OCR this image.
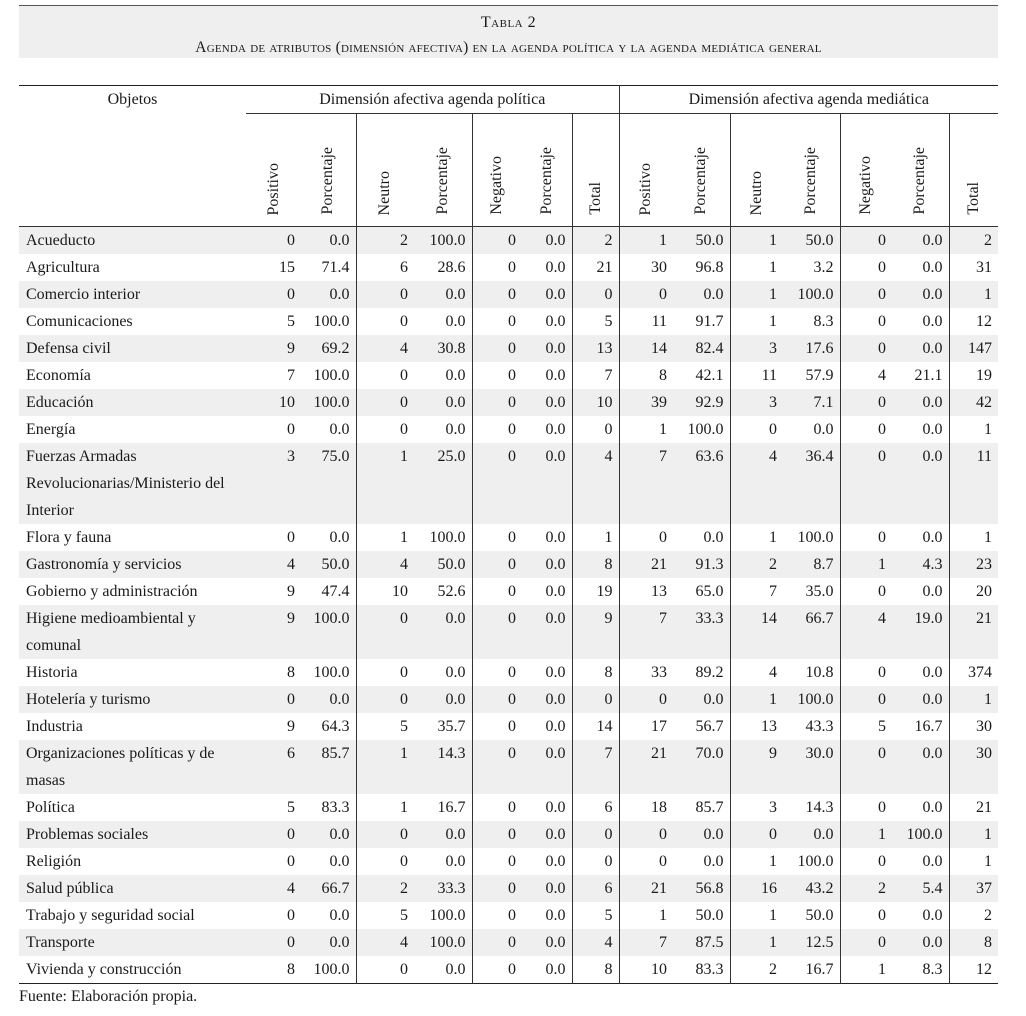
Tabla 2
Agenda de atributos (dimensión afectiva) en la agenda política y la agenda mediática general
Objetos	Dimensión afectiva agenda política							Dimensión afectiva agenda mediática						
	Positivo	Porcentaje	Neutro	Porcentaje	Negativo	Porcentaje	Total	Positivo	Porcentaje	Neutro	Porcentaje	Negativo	Porcentaje	Total
Acueducto	0	0.0	2	100.0	0	0.0	2	1	50.0	1	50.0	0	0.0	2
Agricultura	15	71.4	6	28.6	0	0.0	21	30	96.8	1	3.2	0	0.0	31
Comercio interior	0	0.0	0	0.0	0	0.0	0	0	0.0	1	100.0	0	0.0	1
Comunicaciones	5	100.0	0	0.0	0	0.0	5	11	91.7	1	8.3	0	0.0	12
Defensa civil	9	69.2	4	30.8	0	0.0	13	14	82.4	3	17.6	0	0.0	147
Economía	7	100.0	0	0.0	0	0.0	7	8	42.1	11	57.9	4	21.1	19
Educación	10	100.0	0	0.0	0	0.0	10	39	92.9	3	7.1	0	0.0	42
Energía	0	0.0	0	0.0	0	0.0	0	1	100.0	0	0.0	0	0.0	1
Fuerzas Armadas Revolucionarias/Ministerio del Interior	3	75.0	1	25.0	0	0.0	4	7	63.6	4	36.4	0	0.0	11
Flora y fauna	0	0.0	1	100.0	0	0.0	1	0	0.0	1	100.0	0	0.0	1
Gastronomía y servicios	4	50.0	4	50.0	0	0.0	8	21	91.3	2	8.7	1	4.3	23
Gobierno y administración	9	47.4	10	52.6	0	0.0	19	13	65.0	7	35.0	0	0.0	20
Higiene medioambiental y comunal	9	100.0	0	0.0	0	0.0	9	7	33.3	14	66.7	4	19.0	21
Historia	8	100.0	0	0.0	0	0.0	8	33	89.2	4	10.8	0	0.0	374
Hotelería y turismo	0	0.0	0	0.0	0	0.0	0	0	0.0	1	100.0	0	0.0	1
Industria	9	64.3	5	35.7	0	0.0	14	17	56.7	13	43.3	5	16.7	30
Organizaciones políticas y de masas	6	85.7	1	14.3	0	0.0	7	21	70.0	9	30.0	0	0.0	30
Política	5	83.3	1	16.7	0	0.0	6	18	85.7	3	14.3	0	0.0	21
Problemas sociales	0	0.0	0	0.0	0	0.0	0	0	0.0	0	0.0	1	100.0	1
Religión	0	0.0	0	0.0	0	0.0	0	0	0.0	1	100.0	0	0.0	1
Salud pública	4	66.7	2	33.3	0	0.0	6	21	56.8	16	43.2	2	5.4	37
Trabajo y seguridad social	0	0.0	5	100.0	0	0.0	5	1	50.0	1	50.0	0	0.0	2
Transporte	0	0.0	4	100.0	0	0.0	4	7	87.5	1	12.5	0	0.0	8
Vivienda y construcción	8	100.0	0	0.0	0	0.0	8	10	83.3	2	16.7	1	8.3	12
Fuente: Elaboración propia.
